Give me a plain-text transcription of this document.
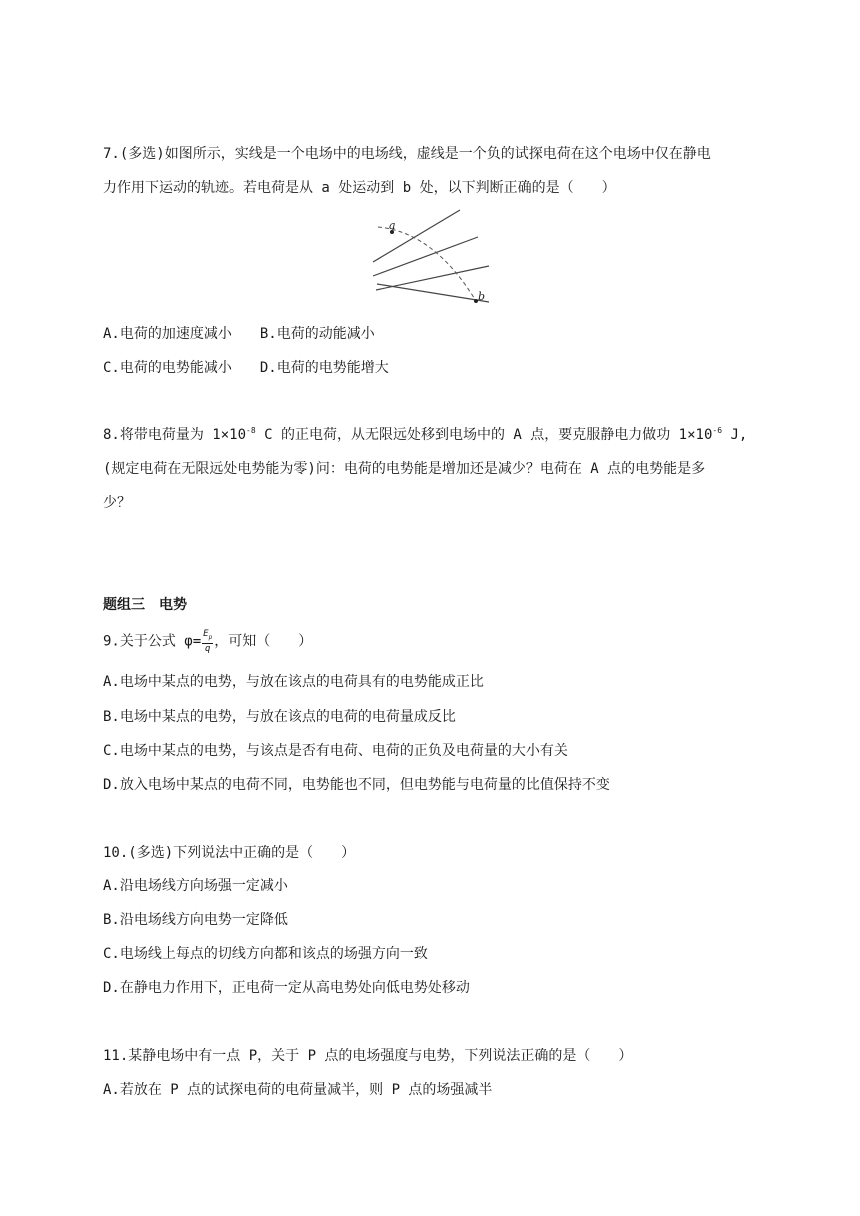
7.(多选)如图所示，实线是一个电场中的电场线，虚线是一个负的试探电荷在这个电场中仅在静电
力作用下运动的轨迹。若电荷是从 a 处运动到 b 处，以下判断正确的是（　　）
a
b
A.电荷的加速度减小 B.电荷的动能减小
C.电荷的电势能减小 D.电荷的电势能增大
8.将带电荷量为 $1\times 10^{-8}$ C 的正电荷，从无限远处移到电场中的 A 点，要克服静电力做功 $1\times 10^{-6}$ J,
(规定电荷在无限远处电势能为零)问：电荷的电势能是增加还是减少？电荷在 A 点的电势能是多
少？
题组三　电势
9.关于公式 $\varphi= \frac{E_p}{q}$ ，可知（　　）
A.电场中某点的电势，与放在该点的电荷具有的电势能成正比
B.电场中某点的电势，与放在该点的电荷的电荷量成反比
C.电场中某点的电势，与该点是否有电荷、电荷的正负及电荷量的大小有关
D.放入电场中某点的电荷不同，电势能也不同，但电势能与电荷量的比值保持不变
10.(多选)下列说法中正确的是（　　）
A.沿电场线方向场强一定减小
B.沿电场线方向电势一定降低
C.电场线上每点的切线方向都和该点的场强方向一致
D.在静电力作用下，正电荷一定从高电势处向低电势处移动
11.某静电场中有一点 P，关于 P 点的电场强度与电势，下列说法正确的是（　　）
A.若放在 P 点的试探电荷的电荷量减半，则 P 点的场强减半
